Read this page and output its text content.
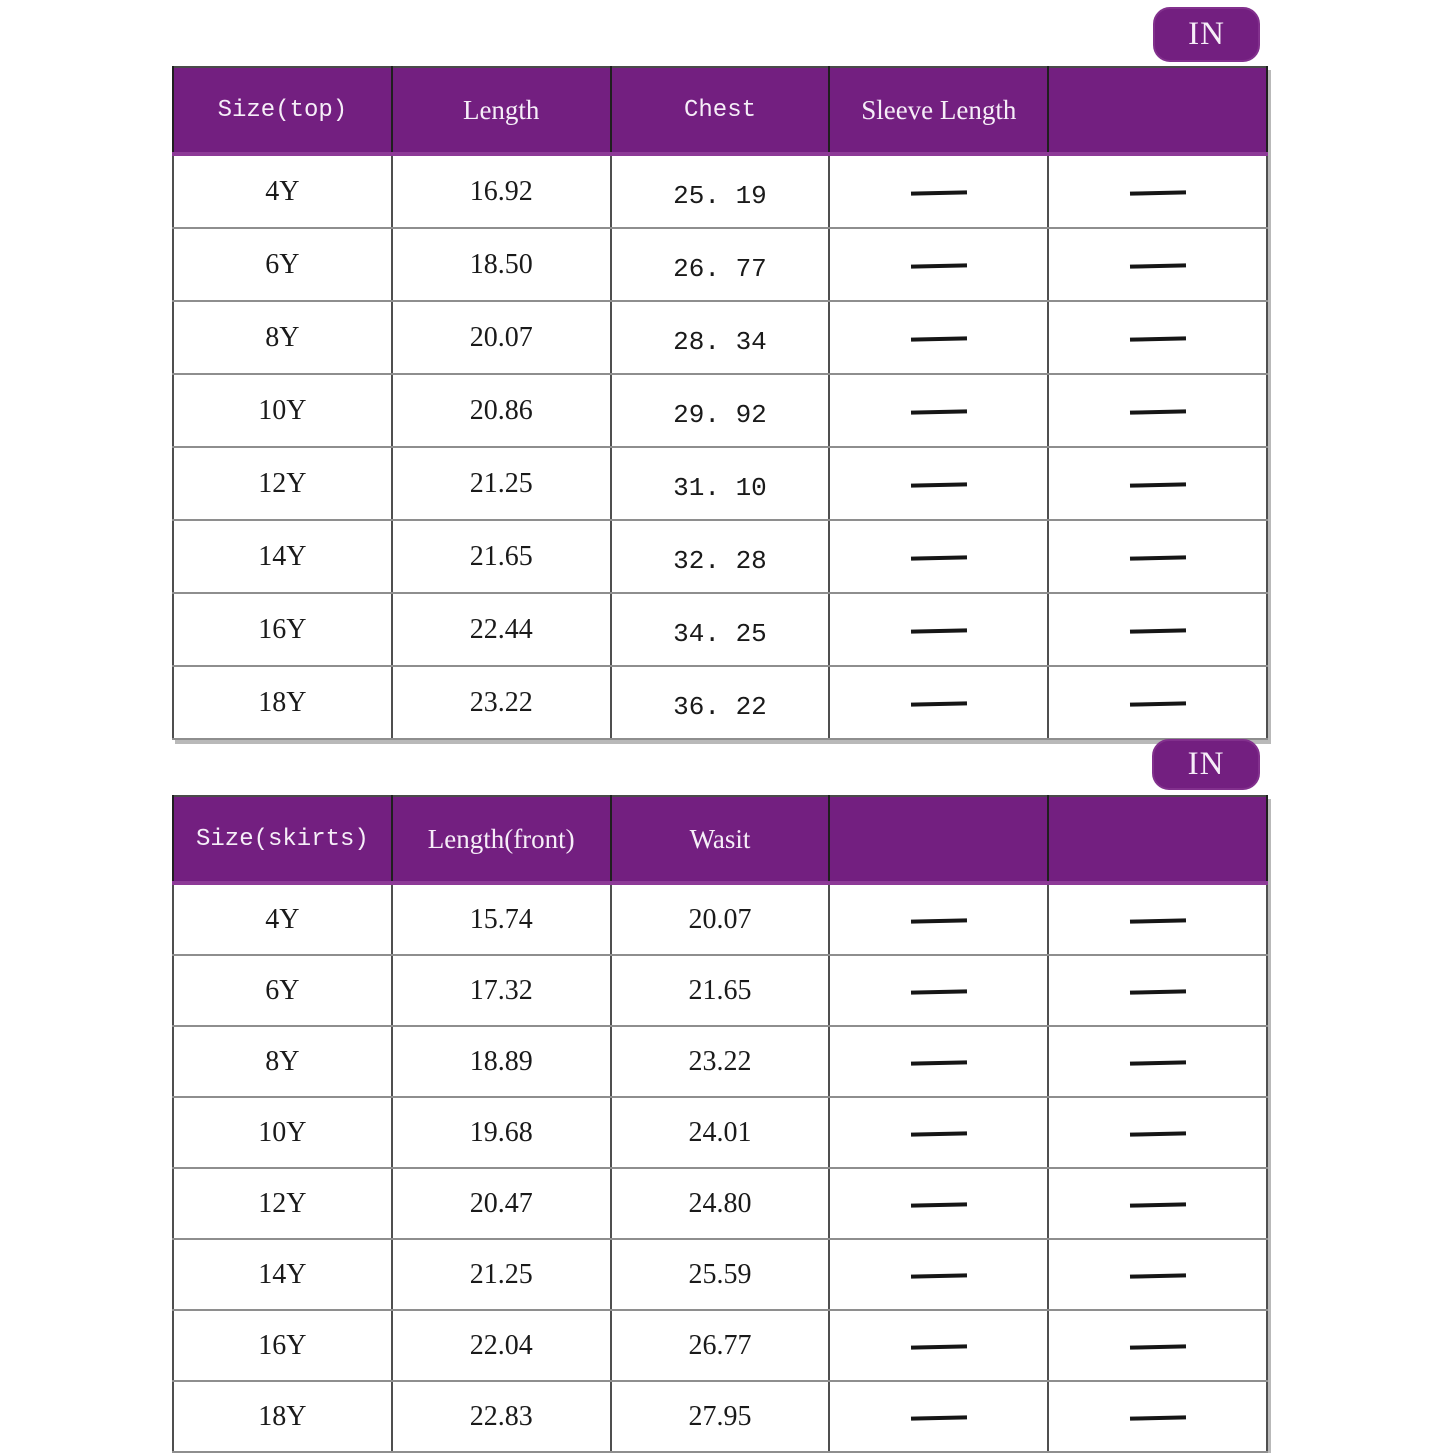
IN
Size(top)	Length	Chest	Sleeve Length	
4Y	16.92	25. 19		
6Y	18.50	26. 77		
8Y	20.07	28. 34		
10Y	20.86	29. 92		
12Y	21.25	31. 10		
14Y	21.65	32. 28		
16Y	22.44	34. 25		
18Y	23.22	36. 22		
IN
Size(skirts)	Length(front)	Wasit		
4Y	15.74	20.07		
6Y	17.32	21.65		
8Y	18.89	23.22		
10Y	19.68	24.01		
12Y	20.47	24.80		
14Y	21.25	25.59		
16Y	22.04	26.77		
18Y	22.83	27.95		
